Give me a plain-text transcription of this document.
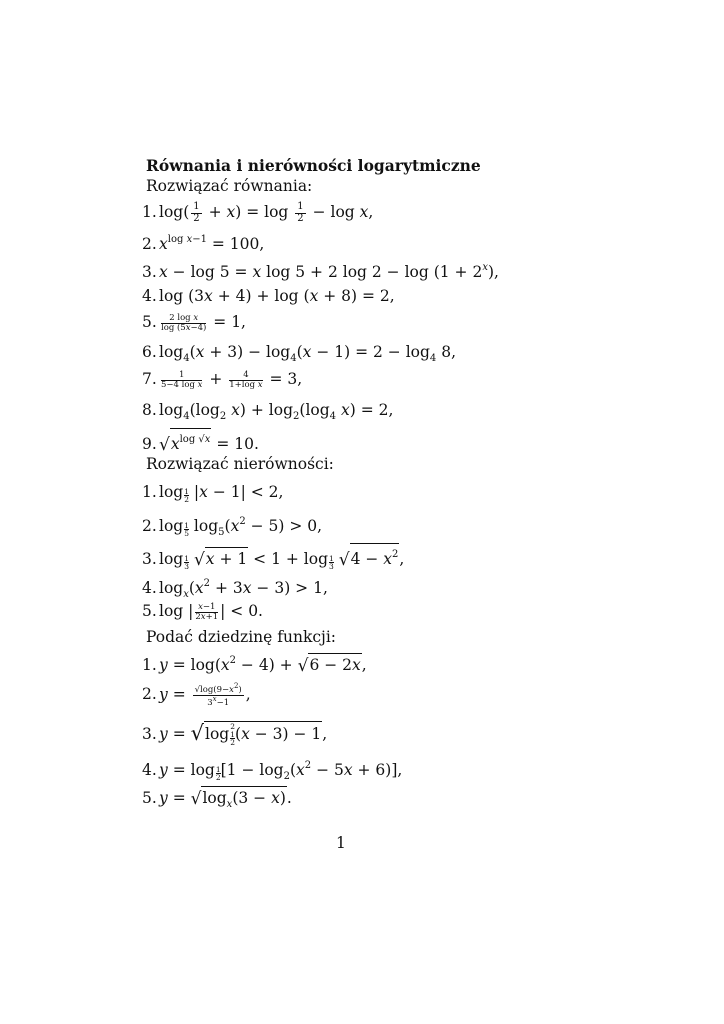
Równania i nierówności logarytmiczne
Rozwiązać równania:
1. $\log( \frac{1}{2} + x) = \log \frac{1}{2} - \log x$,
2. $x^{log x-1} = 100$,
3. x − log 5 = x log 5 + 2 $\log 2 - \log (1 + 2^x)$,
4. log (3x + 4) + log (x + 8) = 2,
5. $\frac{\text{2 log x}}{\log (5x-4)} = 1$,
6. $\log_4(x + 3) - \log_4(x - 1) = 2 - \log_4 8$,
7. $\frac{1}{\text{5−4 log x}} + \frac{4}{\text{1+log x}} = 3$,
8. $\log_4(\log_2$ $x) + \log_2(\log_4$ x) = 2,
9. $√x^{log √x} = 10$.
Rozwiązać nierówności:
1. $\log \frac{1}{2} |x - 1| < 2$,
2. $\log \frac{1}{5} \log_5(x^2 - 5) > 0$,
3. $\log \frac{1}{3} √x + 1 < 1 + \log \frac{1}{3} √4 - x^2$,
4. $\log_x(x^2 + 3x - 3) > 1$,
5. log | $\frac{x-1}{2x+1}$ | < 0.
Podać dziedzinę funkcji:
1. $y = \log(x^2 - 4) + √6 - 2x$,
2. $y = \frac{√\log(9-x^2)}{3^x-1}$ ,
3. y = √log 2
1
2 (x − 3) − 1,
4. $y = \log \frac{1}{2} [1 - \log_2(x^2 - 5x + 6)]$,
5. $y = √\log_x(3 - x)$.
1
